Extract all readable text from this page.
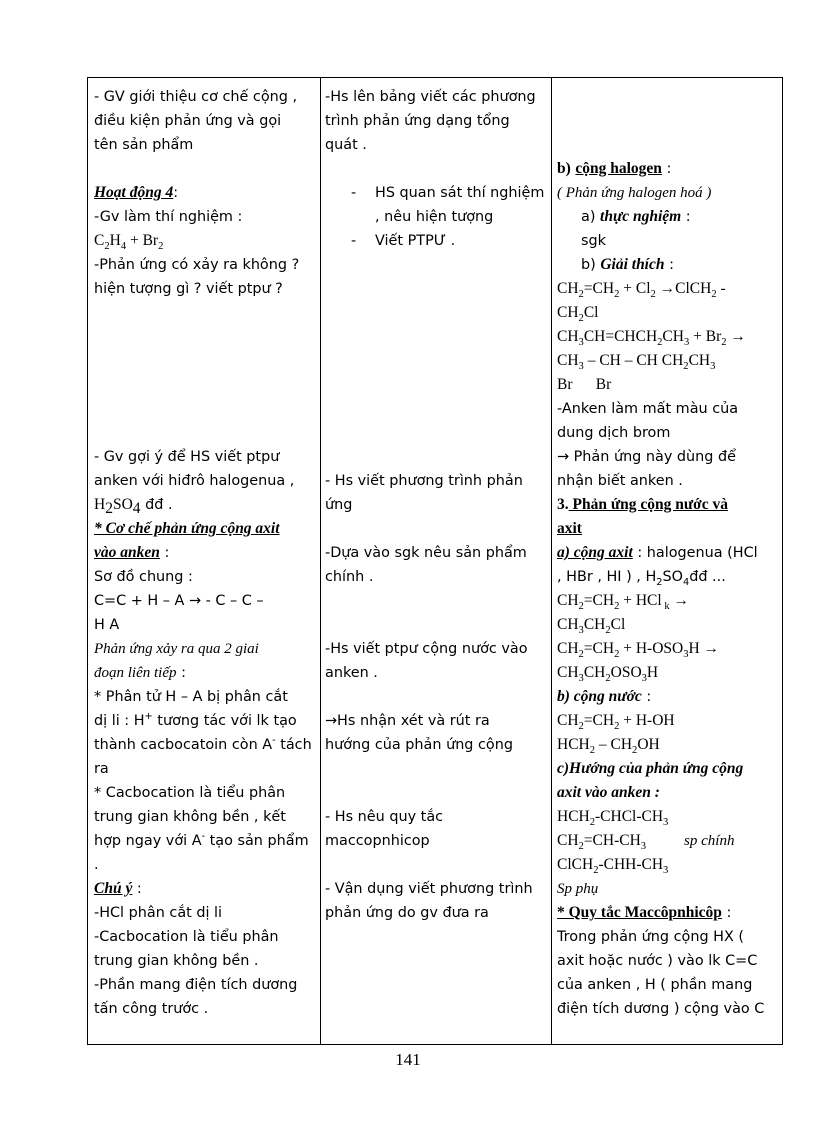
- GV giới thiệu cơ chế cộng ,
điều kiện phản ứng và gọi
tên sản phẩm
Hoạt động 4:
-Gv làm thí nghiệm :
$C_2H_4 + Br_2$
-Phản ứng có xảy ra không ?
hiện tượng gì ? viết ptpư ?
- Gv gợi ý để HS viết ptpư
anken với hiđrô halogenua ,
$H_2SO_4$ đđ .
* Cơ chế phản ứng cộng axit
vào anken :
Sơ đồ chung :
C=C + H – A → - C – C –
H A
Phản ứng xảy ra qua 2 giai
đoạn liên tiếp :
* Phân tử H – A bị phân cắt
dị li : H+ tương tác với lk tạo
thành cacbocatoin còn A- tách
ra
* Cacbocation là tiểu phân
trung gian không bền , kết
hợp ngay với A- tạo sản phẩm
.
Chú ý :
-HCl phân cắt dị li
-Cacbocation là tiểu phân
trung gian không bền .
-Phần mang điện tích dương
tấn công trước .
-Hs lên bảng viết các phương
trình phản ứng dạng tổng
quát .
- HS quan sát thí nghiệm
, nêu hiện tượng
- Viết PTPƯ .
- Hs viết phương trình phản
ứng
-Dựa vào sgk nêu sản phẩm
chính .
-Hs viết ptpư cộng nước vào
anken .
→Hs nhận xét và rút ra
hướng của phản ứng cộng
- Hs nêu quy tắc
maccopnhicop
- Vận dụng viết phương trình
phản ứng do gv đưa ra
b) cộng halogen :
( Phản ứng halogen hoá )
a) thực nghiệm :
sgk
b) Giải thích :
$CH_2=CH_2 + Cl_2$ →ClCH$_2$ -
$CH_2Cl$
$CH_3CH=CHCH_2CH_3 + Br_2$ →
$CH_3$ – CH – CH $CH_2CH_3$
Br      Br
-Anken làm mất màu của
dung dịch brom
→ Phản ứng này dùng để
nhận biết anken .
3. Phản ứng cộng nước và
axit
a) cộng axit : halogenua (HCl
, HBr , HI ) , $H_2SO_4đđ$ ...
$CH_2=CH_2$ + HCl $_k$ →
$CH_3CH_2Cl$
$CH_2=CH_2 + H-OSO_3H$ →
$CH_3CH_2OSO_3H$
b) cộng nước :
$CH_2=CH_2 + H-OH$
$HCH_2 - CH_2OH$
c)Hướng của phản ứng cộng
axit vào anken :
$HCH_2-CHCl-CH_3$
$CH_2=CH-CH_3$	sp chính
$ClCH_2-CHH-CH_3$
Sp phụ
* Quy tắc Maccôpnhicôp :
Trong phản ứng cộng HX (
axit hoặc nước ) vào lk C=C
của anken , H ( phần mang
điện tích dương ) cộng vào C
141
